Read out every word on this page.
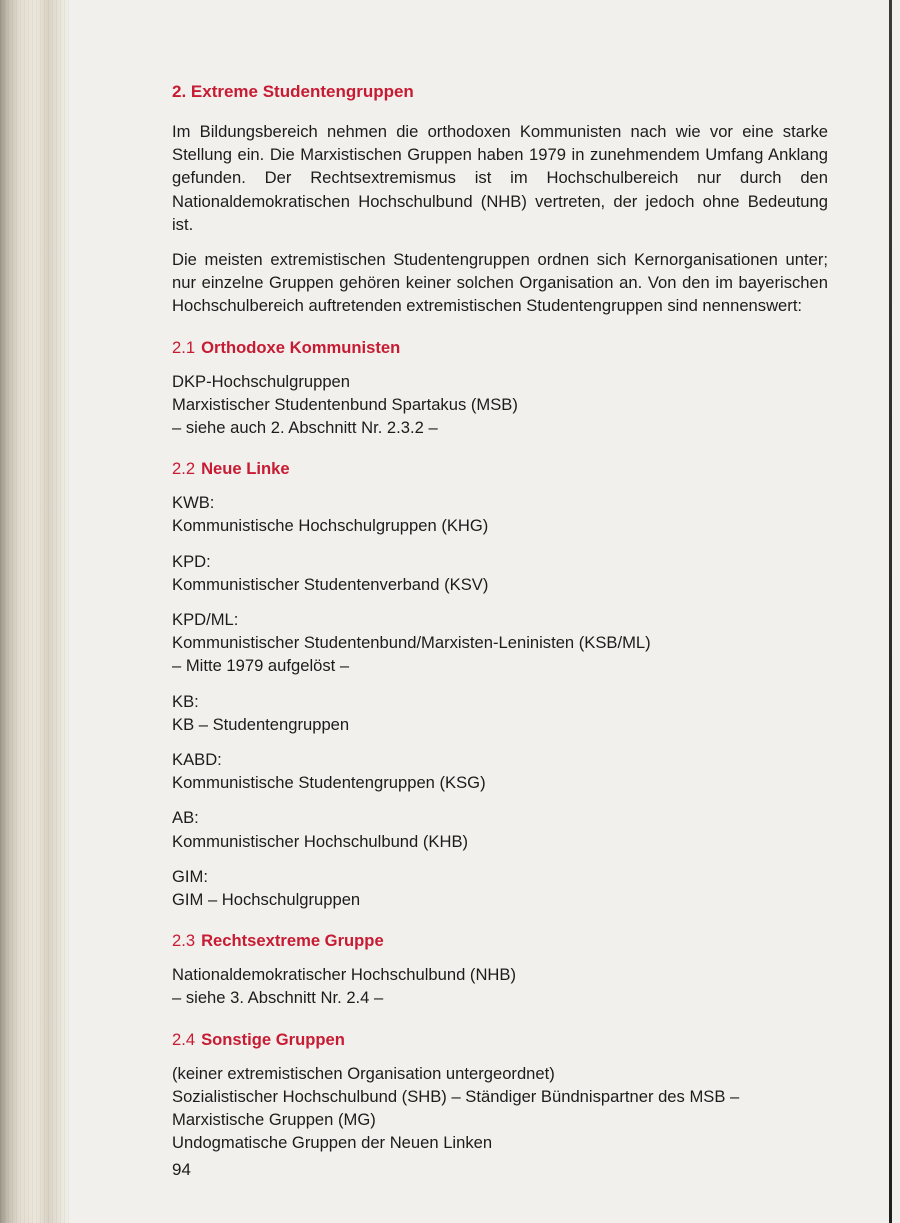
2. Extreme Studentengruppen

Im Bildungsbereich nehmen die orthodoxen Kommunisten nach wie vor eine starke Stellung ein. Die Marxistischen Gruppen haben 1979 in zunehmendem Umfang Anklang gefunden. Der Rechtsextremismus ist im Hochschulbereich nur durch den Nationaldemokratischen Hochschulbund (NHB) vertreten, der jedoch ohne Bedeutung ist.

Die meisten extremistischen Studentengruppen ordnen sich Kernorganisationen unter; nur einzelne Gruppen gehören keiner solchen Organisation an. Von den im bayerischen Hochschulbereich auftretenden extremistischen Studentengruppen sind nennenswert:

2.1 Orthodoxe Kommunisten
DKP-Hochschulgruppen
Marxistischer Studentenbund Spartakus (MSB)
– siehe auch 2. Abschnitt Nr. 2.3.2 –
2.2 Neue Linke
KWB:
Kommunistische Hochschulgruppen (KHG)
KPD:
Kommunistischer Studentenverband (KSV)
KPD/ML:
Kommunistischer Studentenbund/Marxisten-Leninisten (KSB/ML)
– Mitte 1979 aufgelöst –
KB:
KB – Studentengruppen
KABD:
Kommunistische Studentengruppen (KSG)
AB:
Kommunistischer Hochschulbund (KHB)
GIM:
GIM – Hochschulgruppen
2.3 Rechtsextreme Gruppe
Nationaldemokratischer Hochschulbund (NHB)
– siehe 3. Abschnitt Nr. 2.4 –
2.4 Sonstige Gruppen
(keiner extremistischen Organisation untergeordnet)
Sozialistischer Hochschulbund (SHB) – Ständiger Bündnispartner des MSB –
Marxistische Gruppen (MG)
Undogmatische Gruppen der Neuen Linken
94
